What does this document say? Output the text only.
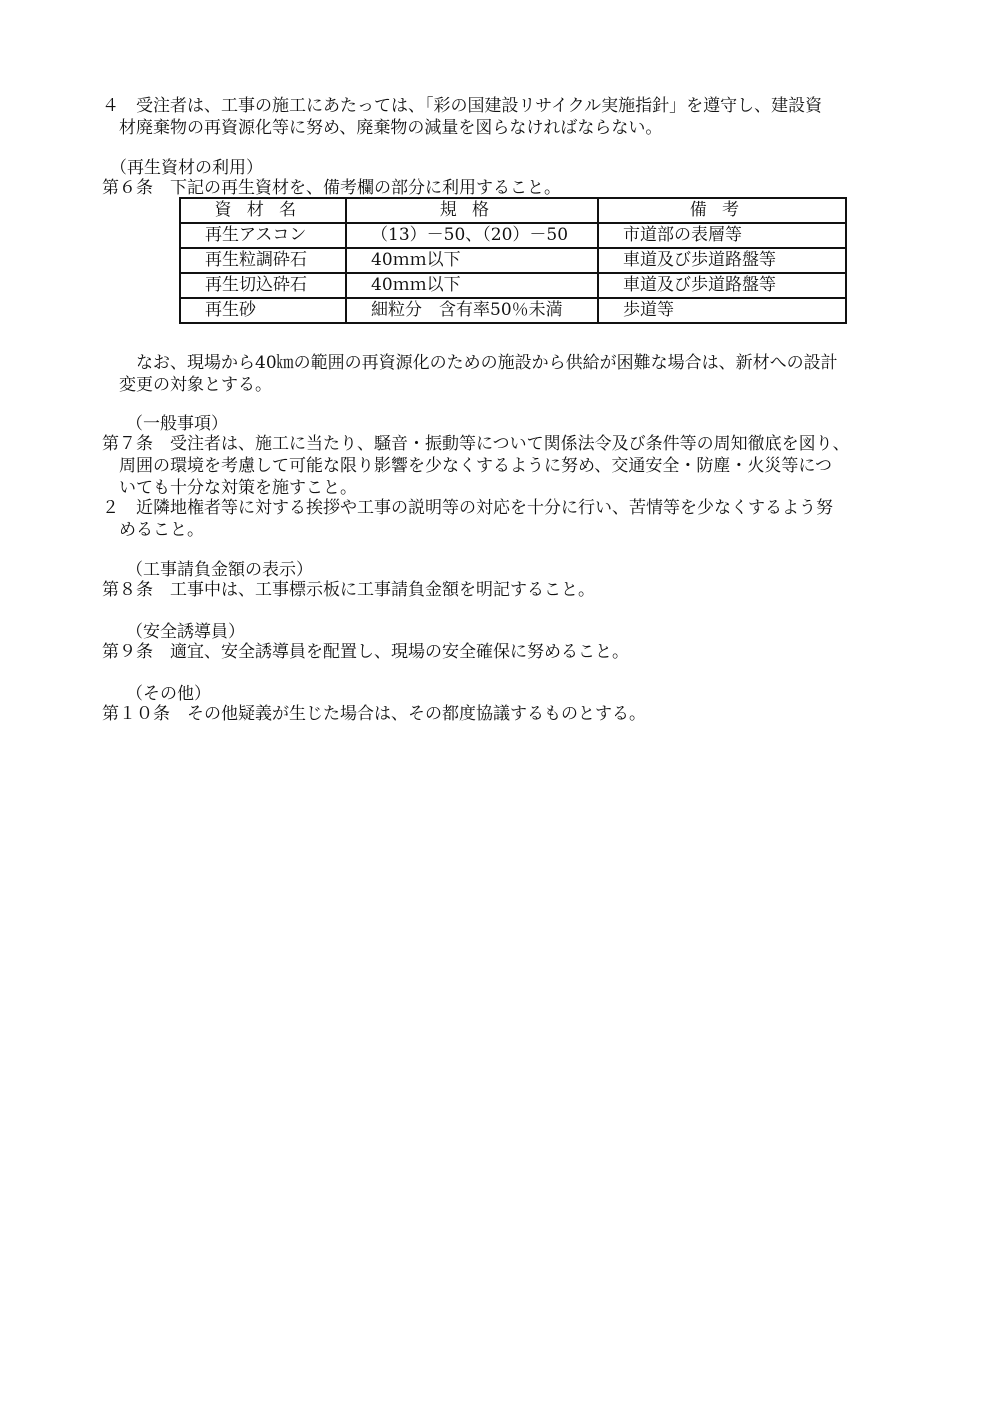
４　受注者は、工事の施工にあたっては、「彩の国建設リサイクル実施指針」を遵守し、建設資
材廃棄物の再資源化等に努め、廃棄物の減量を図らなければならない。
（再生資材の利用）
第６条　下記の再生資材を、備考欄の部分に利用すること。
資材名	規格	備考
再生アスコン	（13）－50、（20）－50	市道部の表層等
再生粒調砕石	40ｍｍ以下	車道及び歩道路盤等
再生切込砕石	40ｍｍ以下	車道及び歩道路盤等
再生砂	細粒分　含有率50％未満	歩道等
なお、現場から40㎞の範囲の再資源化のための施設から供給が困難な場合は、新材への設計
変更の対象とする。
（一般事項）
第７条　受注者は、施工に当たり、騒音・振動等について関係法令及び条件等の周知徹底を図り、
周囲の環境を考慮して可能な限り影響を少なくするように努め、交通安全・防塵・火災等につ
いても十分な対策を施すこと。
２　近隣地権者等に対する挨拶や工事の説明等の対応を十分に行い、苦情等を少なくするよう努
めること。
（工事請負金額の表示）
第８条　工事中は、工事標示板に工事請負金額を明記すること。
（安全誘導員）
第９条　適宜、安全誘導員を配置し、現場の安全確保に努めること。
（その他）
第１０条　その他疑義が生じた場合は、その都度協議するものとする。
